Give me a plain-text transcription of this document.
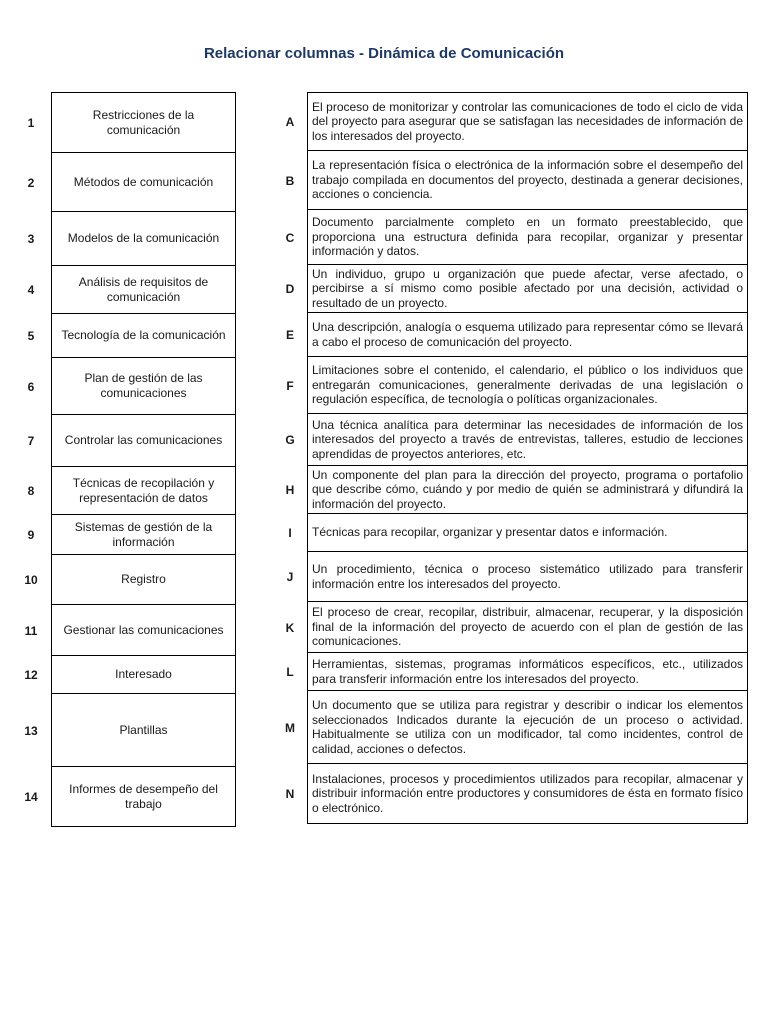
Relacionar columnas - Dinámica de Comunicación
1
2
3
4
5
6
7
8
9
10
11
12
13
14
Restricciones de la comunicación
Métodos de comunicación
Modelos de la comunicación
Análisis de requisitos de comunicación
Tecnología de la comunicación
Plan de gestión de las comunicaciones
Controlar las comunicaciones
Técnicas de recopilación y representación de datos
Sistemas de gestión de la información
Registro
Gestionar las comunicaciones
Interesado
Plantillas
Informes de desempeño del trabajo
A
B
C
D
E
F
G
H
I
J
K
L
M
N
El proceso de monitorizar y controlar las comunicaciones de todo el ciclo de vida del proyecto para asegurar que se satisfagan las necesidades de información de los interesados del proyecto.
La representación física o electrónica de la información sobre el desempeño del trabajo compilada en documentos del proyecto, destinada a generar decisiones, acciones o conciencia.
Documento parcialmente completo en un formato preestablecido, que proporciona una estructura definida para recopilar, organizar y presentar información y datos.
Un individuo, grupo u organización que puede afectar, verse afectado, o percibirse a sí mismo como posible afectado por una decisión, actividad o resultado de un proyecto.
Una descripción, analogía o esquema utilizado para representar cómo se llevará a cabo el proceso de comunicación del proyecto.
Limitaciones sobre el contenido, el calendario, el público o los individuos que entregarán comunicaciones, generalmente derivadas de una legislación o regulación específica, de tecnología o políticas organizacionales.
Una técnica analítica para determinar las necesidades de información de los interesados del proyecto a través de entrevistas, talleres, estudio de lecciones aprendidas de proyectos anteriores, etc.
Un componente del plan para la dirección del proyecto, programa o portafolio que describe cómo, cuándo y por medio de quién se administrará y difundirá la información del proyecto.
Técnicas para recopilar, organizar y presentar datos e información.
Un procedimiento, técnica o proceso sistemático utilizado para transferir información entre los interesados del proyecto.
El proceso de crear, recopilar, distribuir, almacenar, recuperar, y la disposición final de la información del proyecto de acuerdo con el plan de gestión de las comunicaciones.
Herramientas, sistemas, programas informáticos específicos, etc., utilizados para transferir información entre los interesados del proyecto.
Un documento que se utiliza para registrar y describir o indicar los elementos seleccionados Indicados durante la ejecución de un proceso o actividad. Habitualmente se utiliza con un modificador, tal como incidentes, control de calidad, acciones o defectos.
Instalaciones, procesos y procedimientos utilizados para recopilar, almacenar y distribuir información entre productores y consumidores de ésta en formato físico o electrónico.
